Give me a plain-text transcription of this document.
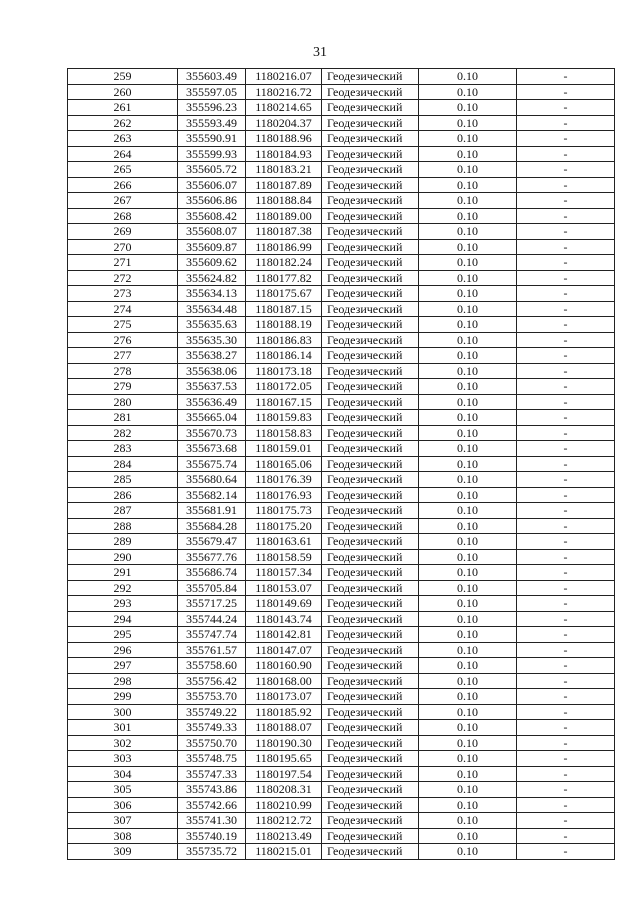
31
259	355603.49	1180216.07	Геодезический	0.10	-
260	355597.05	1180216.72	Геодезический	0.10	-
261	355596.23	1180214.65	Геодезический	0.10	-
262	355593.49	1180204.37	Геодезический	0.10	-
263	355590.91	1180188.96	Геодезический	0.10	-
264	355599.93	1180184.93	Геодезический	0.10	-
265	355605.72	1180183.21	Геодезический	0.10	-
266	355606.07	1180187.89	Геодезический	0.10	-
267	355606.86	1180188.84	Геодезический	0.10	-
268	355608.42	1180189.00	Геодезический	0.10	-
269	355608.07	1180187.38	Геодезический	0.10	-
270	355609.87	1180186.99	Геодезический	0.10	-
271	355609.62	1180182.24	Геодезический	0.10	-
272	355624.82	1180177.82	Геодезический	0.10	-
273	355634.13	1180175.67	Геодезический	0.10	-
274	355634.48	1180187.15	Геодезический	0.10	-
275	355635.63	1180188.19	Геодезический	0.10	-
276	355635.30	1180186.83	Геодезический	0.10	-
277	355638.27	1180186.14	Геодезический	0.10	-
278	355638.06	1180173.18	Геодезический	0.10	-
279	355637.53	1180172.05	Геодезический	0.10	-
280	355636.49	1180167.15	Геодезический	0.10	-
281	355665.04	1180159.83	Геодезический	0.10	-
282	355670.73	1180158.83	Геодезический	0.10	-
283	355673.68	1180159.01	Геодезический	0.10	-
284	355675.74	1180165.06	Геодезический	0.10	-
285	355680.64	1180176.39	Геодезический	0.10	-
286	355682.14	1180176.93	Геодезический	0.10	-
287	355681.91	1180175.73	Геодезический	0.10	-
288	355684.28	1180175.20	Геодезический	0.10	-
289	355679.47	1180163.61	Геодезический	0.10	-
290	355677.76	1180158.59	Геодезический	0.10	-
291	355686.74	1180157.34	Геодезический	0.10	-
292	355705.84	1180153.07	Геодезический	0.10	-
293	355717.25	1180149.69	Геодезический	0.10	-
294	355744.24	1180143.74	Геодезический	0.10	-
295	355747.74	1180142.81	Геодезический	0.10	-
296	355761.57	1180147.07	Геодезический	0.10	-
297	355758.60	1180160.90	Геодезический	0.10	-
298	355756.42	1180168.00	Геодезический	0.10	-
299	355753.70	1180173.07	Геодезический	0.10	-
300	355749.22	1180185.92	Геодезический	0.10	-
301	355749.33	1180188.07	Геодезический	0.10	-
302	355750.70	1180190.30	Геодезический	0.10	-
303	355748.75	1180195.65	Геодезический	0.10	-
304	355747.33	1180197.54	Геодезический	0.10	-
305	355743.86	1180208.31	Геодезический	0.10	-
306	355742.66	1180210.99	Геодезический	0.10	-
307	355741.30	1180212.72	Геодезический	0.10	-
308	355740.19	1180213.49	Геодезический	0.10	-
309	355735.72	1180215.01	Геодезический	0.10	-
